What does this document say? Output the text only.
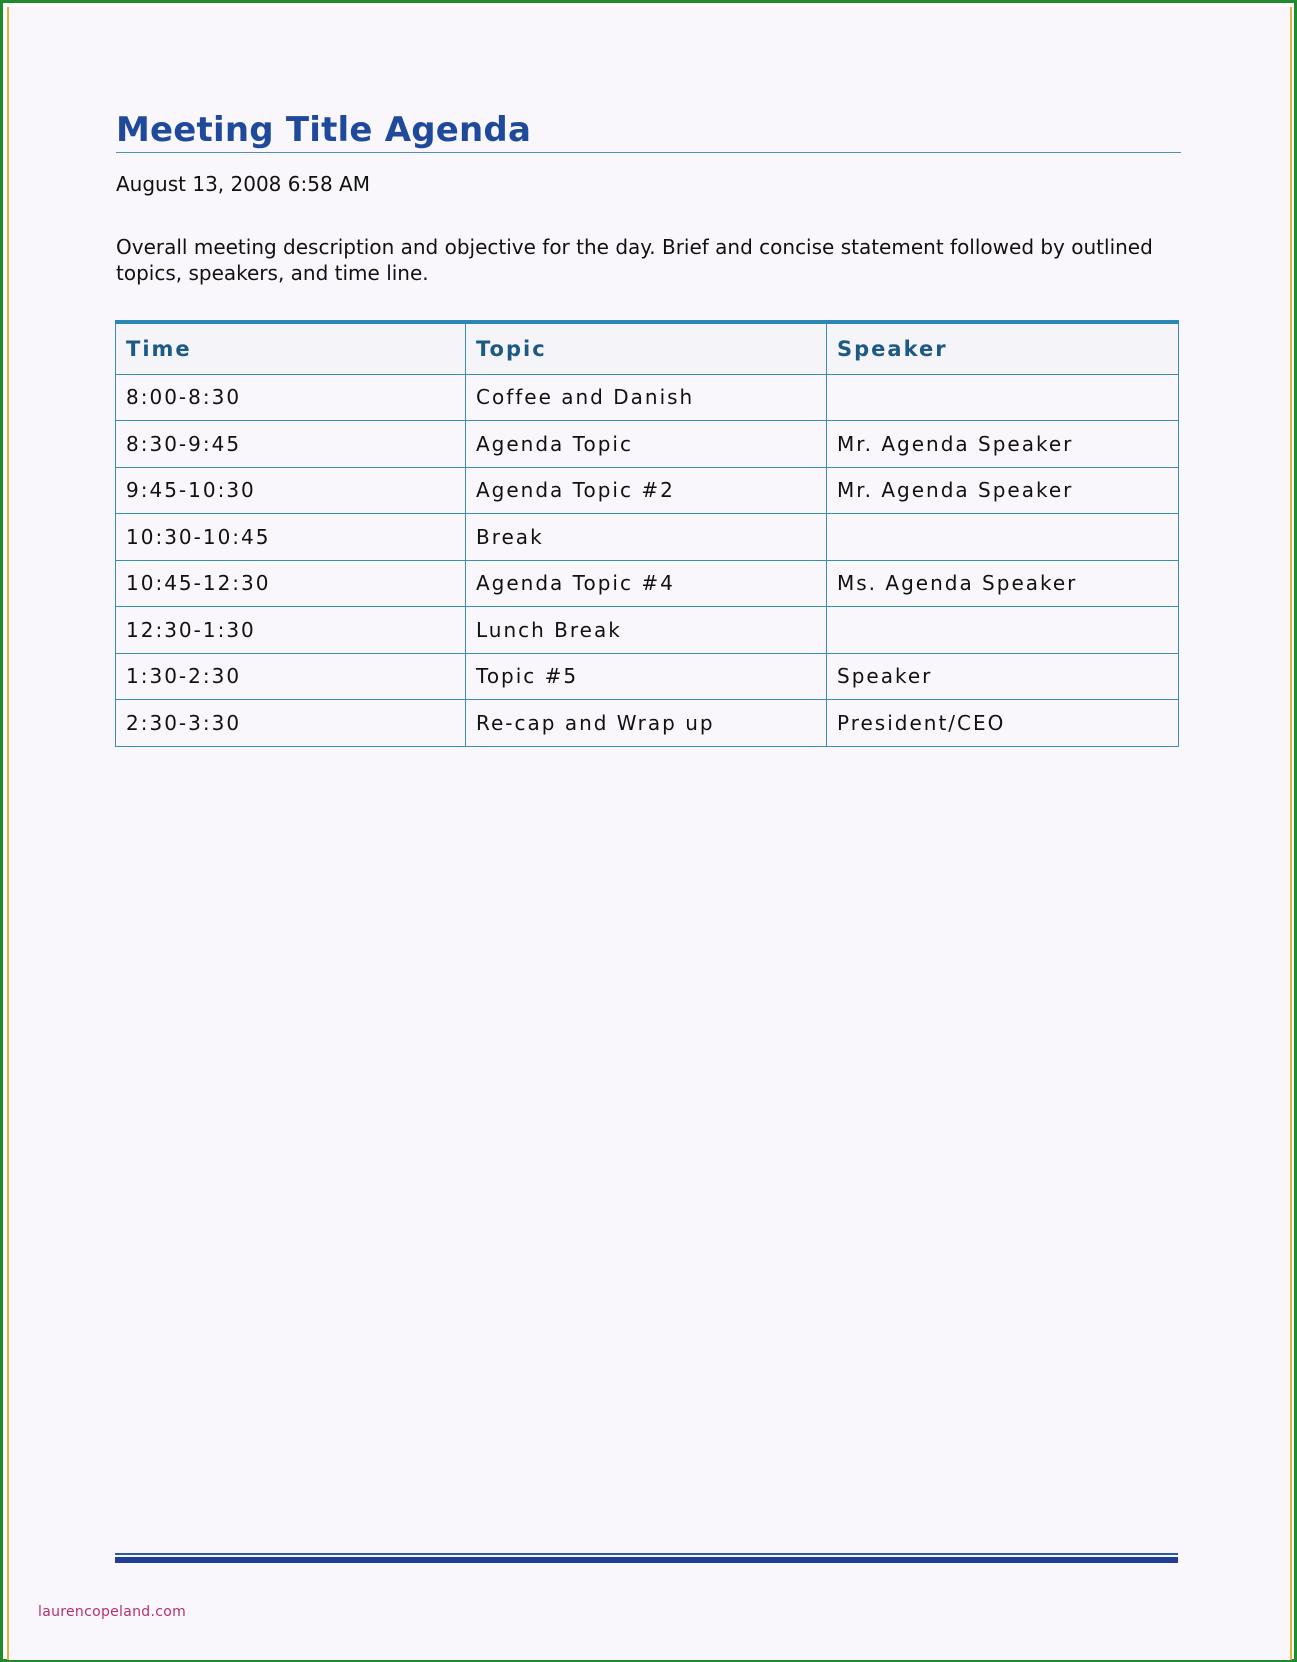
Meeting Title Agenda
August 13, 2008 6:58 AM
Overall meeting description and objective for the day. Brief and concise statement followed by outlined topics, speakers, and time line.
Time	Topic	Speaker
8:00-8:30	Coffee and Danish	
8:30-9:45	Agenda Topic	Mr. Agenda Speaker
9:45-10:30	Agenda Topic #2	Mr. Agenda Speaker
10:30-10:45	Break	
10:45-12:30	Agenda Topic #4	Ms. Agenda Speaker
12:30-1:30	Lunch Break	
1:30-2:30	Topic #5	Speaker
2:30-3:30	Re-cap and Wrap up	President/CEO
laurencopeland.com
